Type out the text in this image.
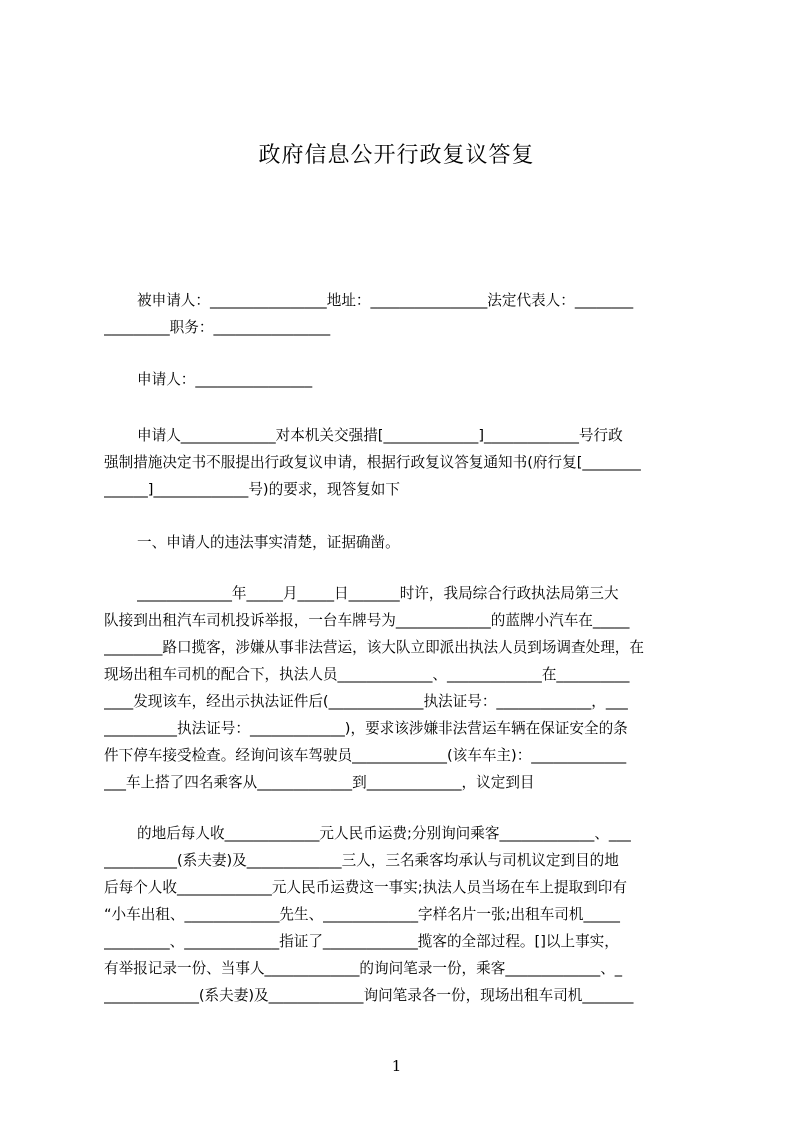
政府信息公开行政复议答复

被申请人：________________地址：________________法定代表人：________

_________职务：________________

申请人：________________

申请人_____________对本机关交强措[_____________]_____________号行政

强制措施决定书不服提出行政复议申请，根据行政复议答复通知书(府行复[________

______]_____________号)的要求，现答复如下

一、申请人的违法事实清楚，证据确凿。

_____________年_____月_____日_______时许，我局综合行政执法局第三大

队接到出租汽车司机投诉举报，一台车牌号为_____________的蓝牌小汽车在_____

________路口揽客，涉嫌从事非法营运，该大队立即派出执法人员到场调查处理，在

现场出租车司机的配合下，执法人员_____________、_____________在__________

____发现该车，经出示执法证件后(_____________执法证号：_____________，___

__________执法证号：_____________)，要求该涉嫌非法营运车辆在保证安全的条

件下停车接受检查。经询问该车驾驶员_____________(该车车主)：_____________

___车上搭了四名乘客从_____________到_____________，议定到目

的地后每人收_____________元人民币运费;分别询问乘客_____________、___

__________(系夫妻)及_____________三人，三名乘客均承认与司机议定到目的地

后每个人收_____________元人民币运费这一事实;执法人员当场在车上提取到印有

“小车出租、_____________先生、_____________字样名片一张;出租车司机_____

_________、_____________指证了_____________揽客的全部过程。[]以上事实，

有举报记录一份、当事人_____________的询问笔录一份，乘客_____________、_

_____________(系夫妻)及_____________询问笔录各一份，现场出租车司机_______

1
